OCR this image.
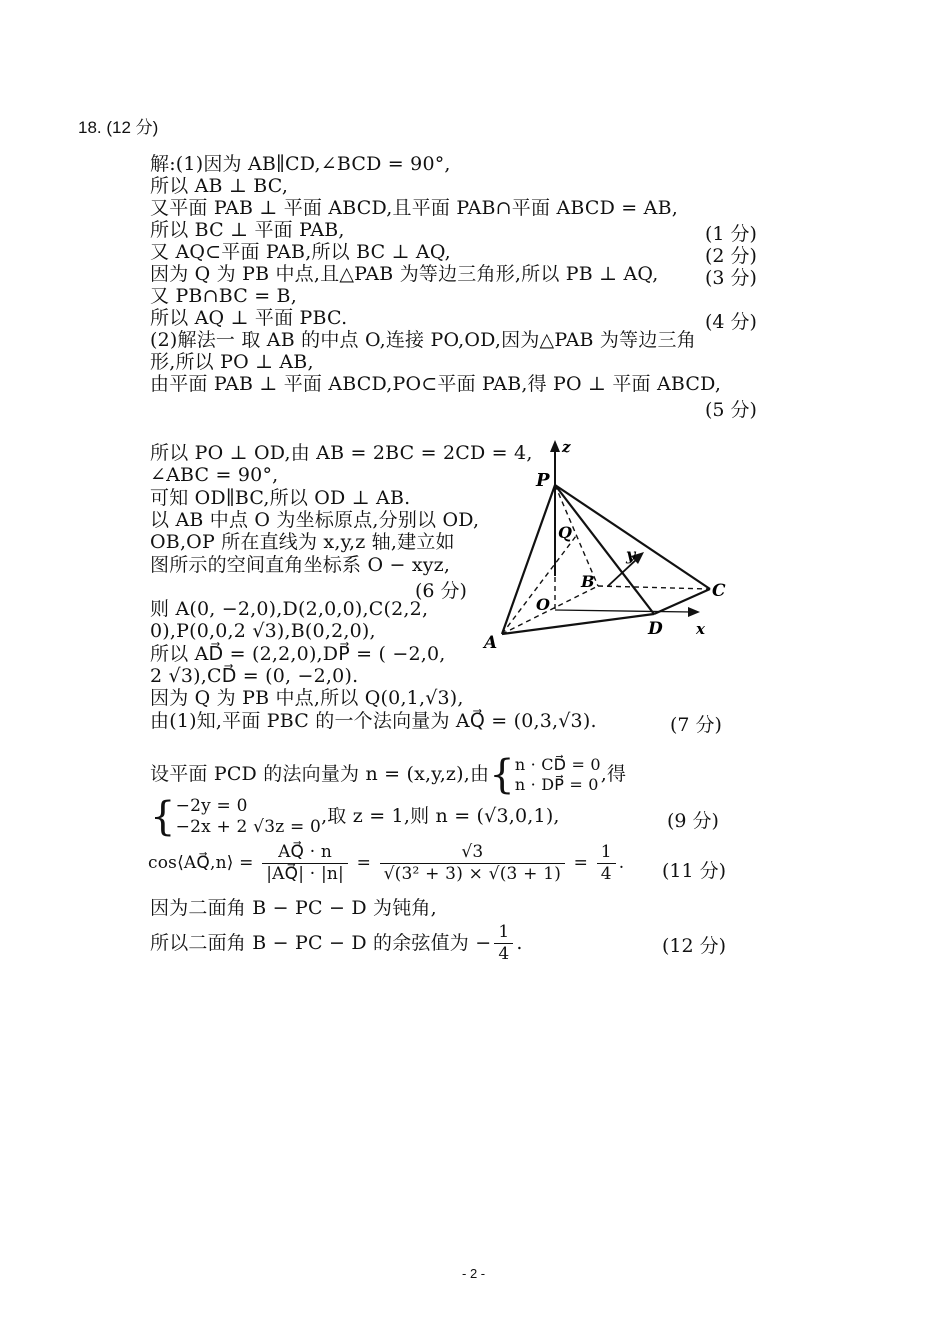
18. (12 分)
解:(1)因为 AB∥CD,∠BCD = 90°,
所以 AB ⊥ BC,
又平面 PAB ⊥ 平面 ABCD,且平面 PAB∩平面 ABCD = AB,
所以 BC ⊥ 平面 PAB,	(1 分)
又 AQ⊂平面 PAB,所以 BC ⊥ AQ,	(2 分)
因为 Q 为 PB 中点,且△PAB 为等边三角形,所以 PB ⊥ AQ, (3 分)
又 PB∩BC = B,
所以 AQ ⊥ 平面 PBC.	(4 分)
(2)解法一 取 AB 的中点 O,连接 PO,OD,因为△PAB 为等边三角
形,所以 PO ⊥ AB,
由平面 PAB ⊥ 平面 ABCD,PO⊂平面 PAB,得 PO ⊥ 平面 ABCD,
(5 分)
所以 PO ⊥ OD,由 AB = 2BC = 2CD = 4,
∠ABC = 90°,
可知 OD∥BC,所以 OD ⊥ AB.
以 AB 中点 O 为坐标原点,分别以 OD,
OB,OP 所在直线为 x,y,z 轴,建立如
图所示的空间直角坐标系 O − xyz,
(6 分)
则 A(0, −2,0),D(2,0,0),C(2,2,
0),P(0,0,2 √3),B(0,2,0),
所以 AD⃗ = (2,2,0),DP⃗ = ( −2,0,
2 √3),CD⃗ = (0, −2,0).
因为 Q 为 PB 中点,所以 Q(0,1,√3),
由(1)知,平面 PBC 的一个法向量为 AQ⃗ = (0,3,√3).	(7 分)
z
P
Q
y
B	C
O
D x
A
设平面 PCD 的法向量为 n = (x,y,z),由{ n · CD⃗ = 0
n · DP⃗ = 0 ,得
{ −2y = 0
−2x + 2 √3z = 0 ,取 z = 1,则 n = (√3,0,1),	(9 分)
cos⟨AQ⃗,n⟩ = $\frac{AQ⃗ \cdot n}{|AQ⃗| \cdot |n|} = \frac{√3}{\text{√(3² + 3) × √(3 + 1)}} = \frac{1}{4}$ . (11 分)
因为二面角 B − PC − D 为钝角,
所以二面角 B − PC − D 的余弦值为 − $\frac{1}{4}$ .	(12 分)
- 2 -
